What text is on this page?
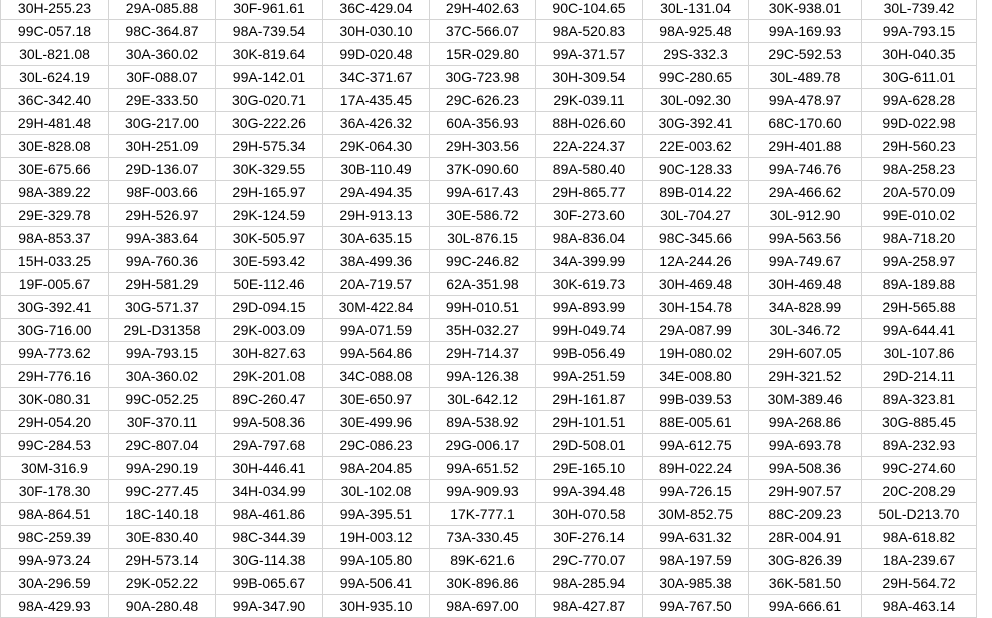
30H-255.23	29A-085.88	30F-961.61	36C-429.04	29H-402.63	90C-104.65	30L-131.04	30K-938.01	30L-739.42
99C-057.18	98C-364.87	98A-739.54	30H-030.10	37C-566.07	98A-520.83	98A-925.48	99A-169.93	99A-793.15
30L-821.08	30A-360.02	30K-819.64	99D-020.48	15R-029.80	99A-371.57	29S-332.3	29C-592.53	30H-040.35
30L-624.19	30F-088.07	99A-142.01	34C-371.67	30G-723.98	30H-309.54	99C-280.65	30L-489.78	30G-611.01
36C-342.40	29E-333.50	30G-020.71	17A-435.45	29C-626.23	29K-039.11	30L-092.30	99A-478.97	99A-628.28
29H-481.48	30G-217.00	30G-222.26	36A-426.32	60A-356.93	88H-026.60	30G-392.41	68C-170.60	99D-022.98
30E-828.08	30H-251.09	29H-575.34	29K-064.30	29H-303.56	22A-224.37	22E-003.62	29H-401.88	29H-560.23
30E-675.66	29D-136.07	30K-329.55	30B-110.49	37K-090.60	89A-580.40	90C-128.33	99A-746.76	98A-258.23
98A-389.22	98F-003.66	29H-165.97	29A-494.35	99A-617.43	29H-865.77	89B-014.22	29A-466.62	20A-570.09
29E-329.78	29H-526.97	29K-124.59	29H-913.13	30E-586.72	30F-273.60	30L-704.27	30L-912.90	99E-010.02
98A-853.37	99A-383.64	30K-505.97	30A-635.15	30L-876.15	98A-836.04	98C-345.66	99A-563.56	98A-718.20
15H-033.25	99A-760.36	30E-593.42	38A-499.36	99C-246.82	34A-399.99	12A-244.26	99A-749.67	99A-258.97
19F-005.67	29H-581.29	50E-112.46	20A-719.57	62A-351.98	30K-619.73	30H-469.48	30H-469.48	89A-189.88
30G-392.41	30G-571.37	29D-094.15	30M-422.84	99H-010.51	99A-893.99	30H-154.78	34A-828.99	29H-565.88
30G-716.00	29L-D31358	29K-003.09	99A-071.59	35H-032.27	99H-049.74	29A-087.99	30L-346.72	99A-644.41
99A-773.62	99A-793.15	30H-827.63	99A-564.86	29H-714.37	99B-056.49	19H-080.02	29H-607.05	30L-107.86
29H-776.16	30A-360.02	29K-201.08	34C-088.08	99A-126.38	99A-251.59	34E-008.80	29H-321.52	29D-214.11
30K-080.31	99C-052.25	89C-260.47	30E-650.97	30L-642.12	29H-161.87	99B-039.53	30M-389.46	89A-323.81
29H-054.20	30F-370.11	99A-508.36	30E-499.96	89A-538.92	29H-101.51	88E-005.61	99A-268.86	30G-885.45
99C-284.53	29C-807.04	29A-797.68	29C-086.23	29G-006.17	29D-508.01	99A-612.75	99A-693.78	89A-232.93
30M-316.9	99A-290.19	30H-446.41	98A-204.85	99A-651.52	29E-165.10	89H-022.24	99A-508.36	99C-274.60
30F-178.30	99C-277.45	34H-034.99	30L-102.08	99A-909.93	99A-394.48	99A-726.15	29H-907.57	20C-208.29
98A-864.51	18C-140.18	98A-461.86	99A-395.51	17K-777.1	30H-070.58	30M-852.75	88C-209.23	50L-D213.70
98C-259.39	30E-830.40	98C-344.39	19H-003.12	73A-330.45	30F-276.14	99A-631.32	28R-004.91	98A-618.82
99A-973.24	29H-573.14	30G-114.38	99A-105.80	89K-621.6	29C-770.07	98A-197.59	30G-826.39	18A-239.67
30A-296.59	29K-052.22	99B-065.67	99A-506.41	30K-896.86	98A-285.94	30A-985.38	36K-581.50	29H-564.72
98A-429.93	90A-280.48	99A-347.90	30H-935.10	98A-697.00	98A-427.87	99A-767.50	99A-666.61	98A-463.14
